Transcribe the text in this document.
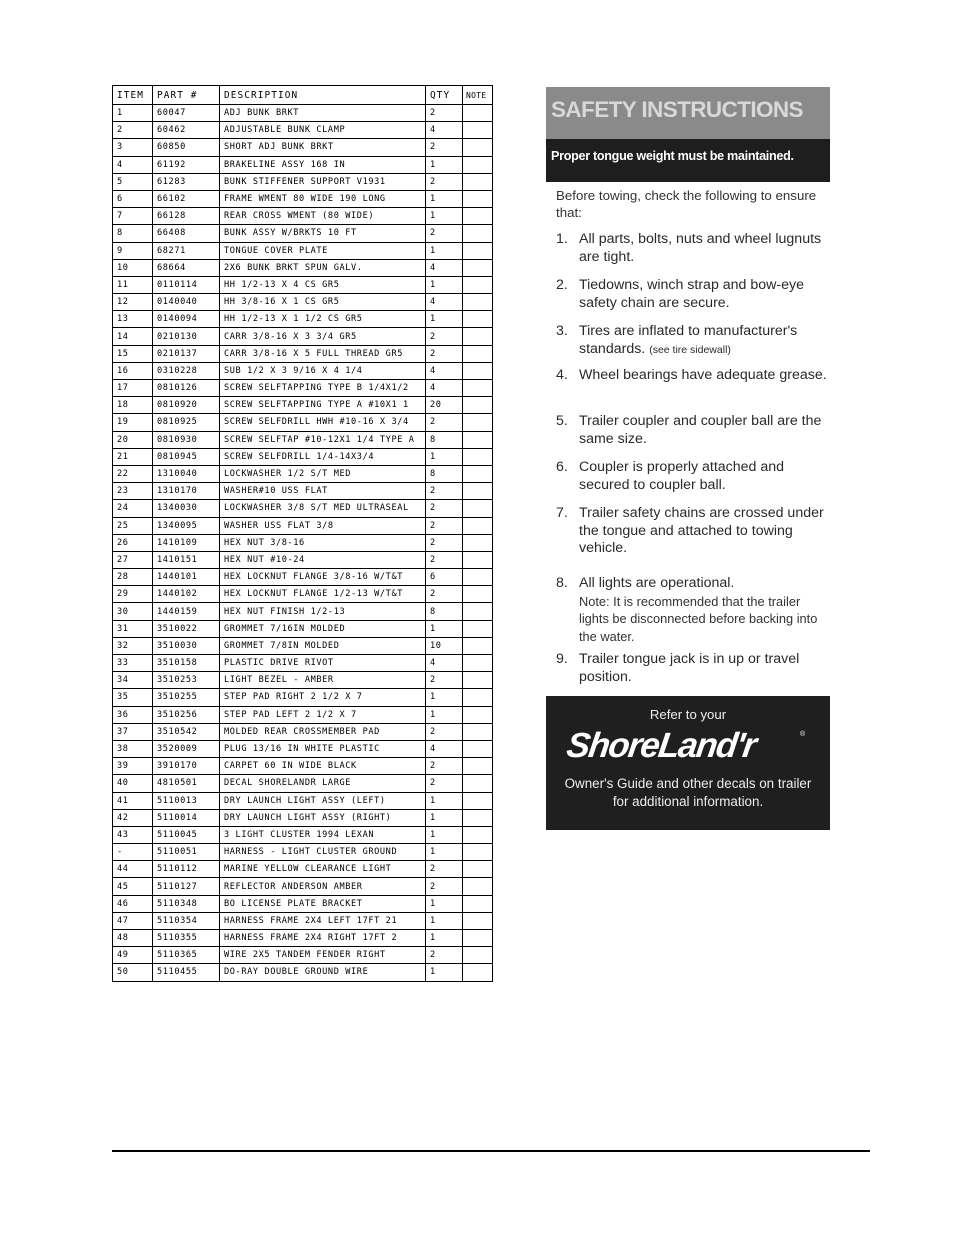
ITEM	PART #	DESCRIPTION	QTY	NOTE
1	60047	ADJ BUNK BRKT	2	
2	60462	ADJUSTABLE BUNK CLAMP	4	
3	60850	SHORT ADJ BUNK BRKT	2	
4	61192	BRAKELINE ASSY 168 IN	1	
5	61283	BUNK STIFFENER SUPPORT V1931	2	
6	66102	FRAME WMENT 80 WIDE 190 LONG	1	
7	66128	REAR CROSS WMENT (80 WIDE)	1	
8	66408	BUNK ASSY W/BRKTS 10 FT	2	
9	68271	TONGUE COVER PLATE	1	
10	68664	2X6 BUNK BRKT SPUN GALV.	4	
11	0110114	HH 1/2-13 X 4 CS GR5	1	
12	0140040	HH 3/8-16 X 1 CS GR5	4	
13	0140094	HH 1/2-13 X 1 1/2 CS GR5	1	
14	0210130	CARR 3/8-16 X 3 3/4 GR5	2	
15	0210137	CARR 3/8-16 X 5 FULL THREAD GR5	2	
16	0310228	SUB 1/2 X 3 9/16 X 4 1/4	4	
17	0810126	SCREW SELFTAPPING TYPE B 1/4X1/2	4	
18	0810920	SCREW SELFTAPPING TYPE A #10X1 1	20	
19	0810925	SCREW SELFDRILL HWH #10-16 X 3/4	2	
20	0810930	SCREW SELFTAP #10-12X1 1/4 TYPE A	8	
21	0810945	SCREW SELFDRILL 1/4-14X3/4	1	
22	1310040	LOCKWASHER 1/2 S/T MED	8	
23	1310170	WASHER#10 USS FLAT	2	
24	1340030	LOCKWASHER 3/8 S/T MED ULTRASEAL	2	
25	1340095	WASHER USS FLAT 3/8	2	
26	1410109	HEX NUT 3/8-16	2	
27	1410151	HEX NUT #10-24	2	
28	1440101	HEX LOCKNUT FLANGE 3/8-16 W/T&T	6	
29	1440102	HEX LOCKNUT FLANGE 1/2-13 W/T&T	2	
30	1440159	HEX NUT FINISH 1/2-13	8	
31	3510022	GROMMET 7/16IN MOLDED	1	
32	3510030	GROMMET 7/8IN MOLDED	10	
33	3510158	PLASTIC DRIVE RIVOT	4	
34	3510253	LIGHT BEZEL - AMBER	2	
35	3510255	STEP PAD RIGHT 2 1/2 X 7	1	
36	3510256	STEP PAD LEFT 2 1/2 X 7	1	
37	3510542	MOLDED REAR CROSSMEMBER PAD	2	
38	3520009	PLUG 13/16 IN WHITE PLASTIC	4	
39	3910170	CARPET 60 IN WIDE BLACK	2	
40	4810501	DECAL SHORELANDR LARGE	2	
41	5110013	DRY LAUNCH LIGHT ASSY (LEFT)	1	
42	5110014	DRY LAUNCH LIGHT ASSY (RIGHT)	1	
43	5110045	3 LIGHT CLUSTER 1994 LEXAN	1	
-	5110051	HARNESS - LIGHT CLUSTER GROUND	1	
44	5110112	MARINE YELLOW CLEARANCE LIGHT	2	
45	5110127	REFLECTOR ANDERSON AMBER	2	
46	5110348	BO LICENSE PLATE BRACKET	1	
47	5110354	HARNESS FRAME 2X4 LEFT 17FT 21	1	
48	5110355	HARNESS FRAME 2X4 RIGHT 17FT 2	1	
49	5110365	WIRE 2X5 TANDEM FENDER RIGHT	2	
50	5110455	DO-RAY DOUBLE GROUND WIRE	1	
SAFETY INSTRUCTIONS
Proper tongue weight must be maintained.
Before towing, check the following to ensure that:
1. All parts, bolts, nuts and wheel lugnuts are tight.
2. Tiedowns, winch strap and bow-eye safety chain are secure.
3. Tires are inflated to manufacturer's standards. (see tire sidewall)
4. Wheel bearings have adequate grease.
5. Trailer coupler and coupler ball are the same size.
6. Coupler is properly attached and secured to coupler ball.
7. Trailer safety chains are crossed under the tongue and attached to towing vehicle.
8. All lights are operational.
Note: It is recommended that the trailer lights be disconnected before backing into the water.
9. Trailer tongue jack is in up or travel position.
Refer to your
ShoreLand'r	®
Owner's Guide and other decals on trailer for additional information.
